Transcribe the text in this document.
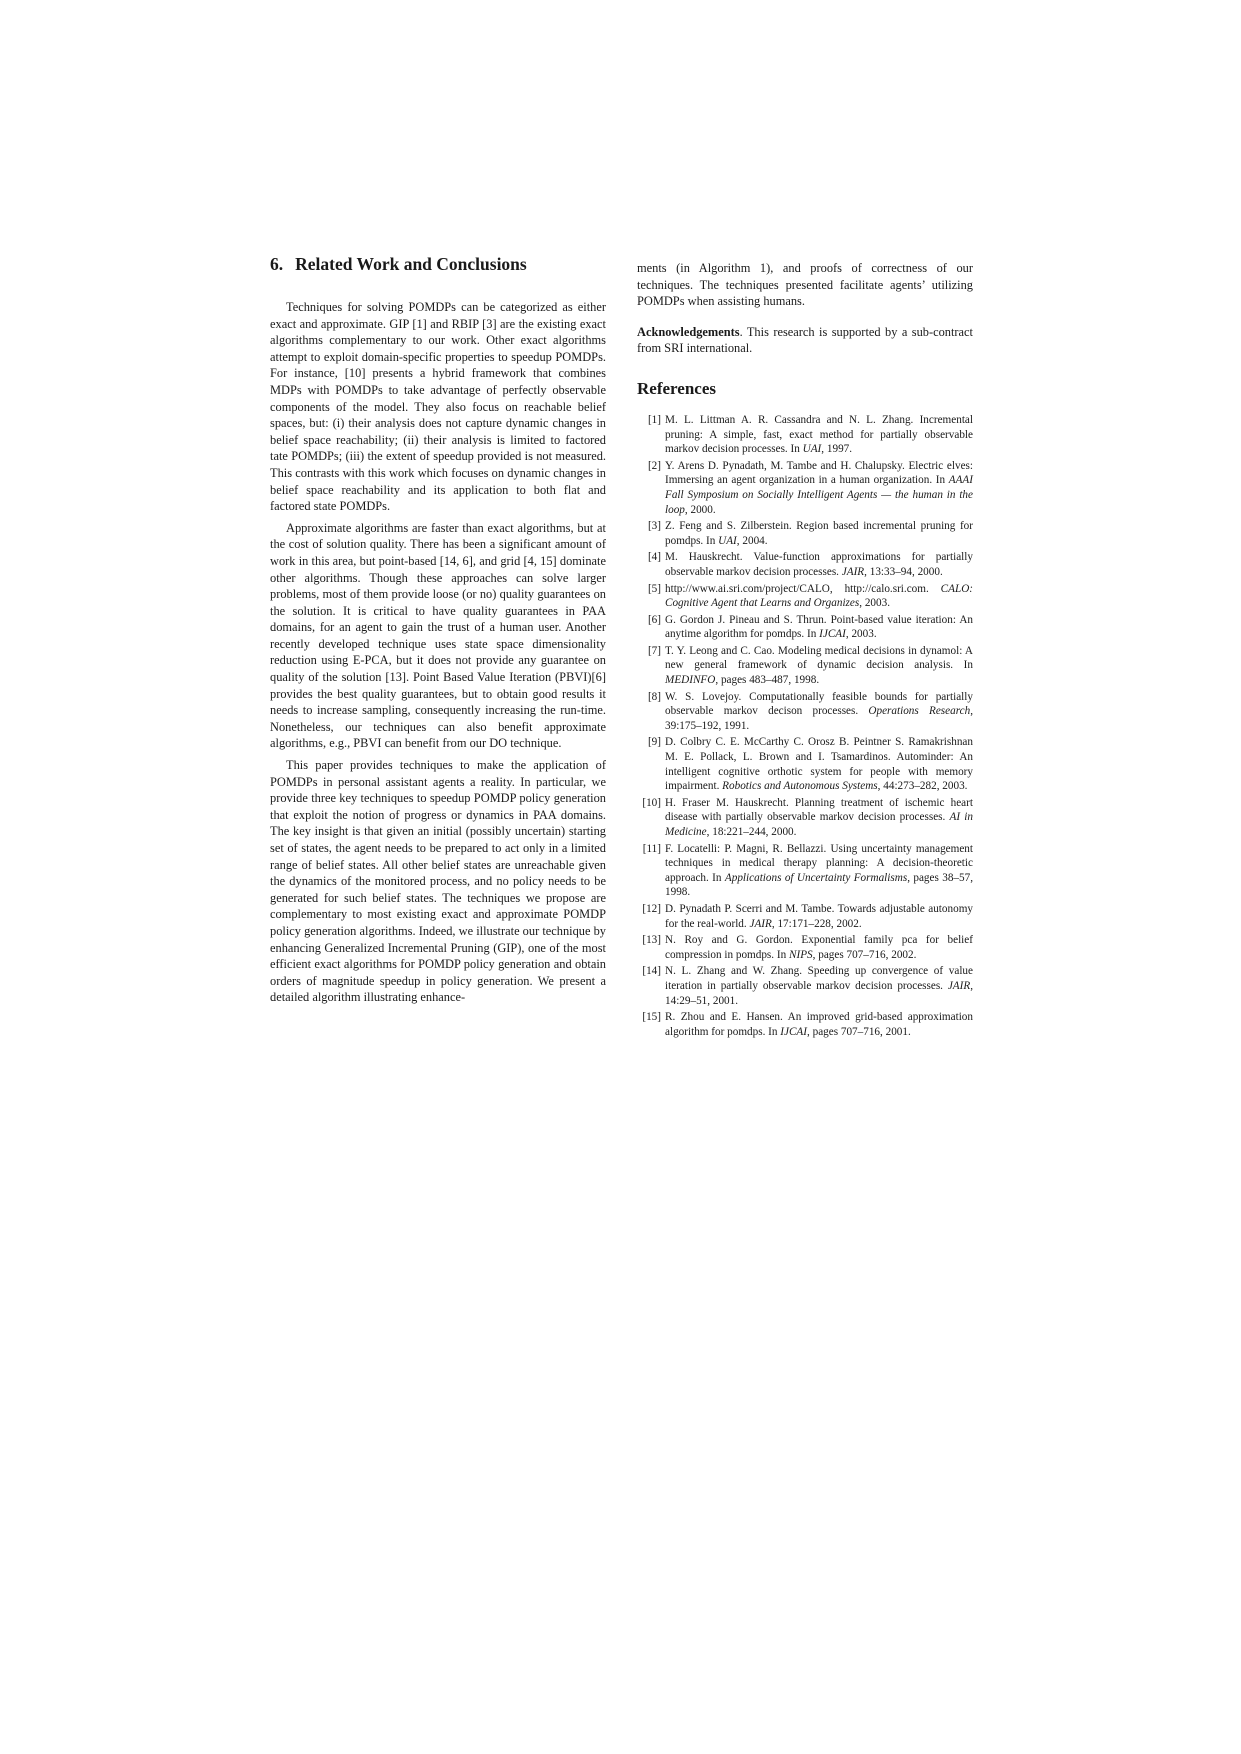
6. Related Work and Conclusions

Techniques for solving POMDPs can be categorized as either exact and approximate. GIP [1] and RBIP [3] are the existing exact algorithms complementary to our work. Other exact algorithms attempt to exploit domain-specific properties to speedup POMDPs. For instance, [10] presents a hybrid framework that combines MDPs with POMDPs to take advantage of perfectly observable components of the model. They also focus on reachable belief spaces, but: (i) their analysis does not capture dynamic changes in belief space reachability; (ii) their analysis is limited to factored tate POMDPs; (iii) the extent of speedup provided is not measured. This contrasts with this work which focuses on dynamic changes in belief space reachability and its application to both flat and factored state POMDPs.

Approximate algorithms are faster than exact algorithms, but at the cost of solution quality. There has been a significant amount of work in this area, but point-based [14, 6], and grid [4, 15] dominate other algorithms. Though these approaches can solve larger problems, most of them provide loose (or no) quality guarantees on the solution. It is critical to have quality guarantees in PAA domains, for an agent to gain the trust of a human user. Another recently developed technique uses state space dimensionality reduction using E-PCA, but it does not provide any guarantee on quality of the solution [13]. Point Based Value Iteration (PBVI)[6] provides the best quality guarantees, but to obtain good results it needs to increase sampling, consequently increasing the run-time. Nonetheless, our techniques can also benefit approximate algorithms, e.g., PBVI can benefit from our DO technique.

This paper provides techniques to make the application of POMDPs in personal assistant agents a reality. In particular, we provide three key techniques to speedup POMDP policy generation that exploit the notion of progress or dynamics in PAA domains. The key insight is that given an initial (possibly uncertain) starting set of states, the agent needs to be prepared to act only in a limited range of belief states. All other belief states are unreachable given the dynamics of the monitored process, and no policy needs to be generated for such belief states. The techniques we propose are complementary to most existing exact and approximate POMDP policy generation algorithms. Indeed, we illustrate our technique by enhancing Generalized Incremental Pruning (GIP), one of the most efficient exact algorithms for POMDP policy generation and obtain orders of magnitude speedup in policy generation. We present a detailed algorithm illustrating enhance-

ments (in Algorithm 1), and proofs of correctness of our techniques. The techniques presented facilitate agents’ utilizing POMDPs when assisting humans.

Acknowledgements. This research is supported by a sub-contract from SRI international.

References
[1] M. L. Littman A. R. Cassandra and N. L. Zhang. Incremental pruning: A simple, fast, exact method for partially observable markov decision processes. In UAI, 1997.
[2] Y. Arens D. Pynadath, M. Tambe and H. Chalupsky. Electric elves: Immersing an agent organization in a human organization. In AAAI Fall Symposium on Socially Intelligent Agents — the human in the loop, 2000.
[3] Z. Feng and S. Zilberstein. Region based incremental pruning for pomdps. In UAI, 2004.
[4] M. Hauskrecht. Value-function approximations for partially observable markov decision processes. JAIR, 13:33–94, 2000.
[5] http://www.ai.sri.com/project/CALO, http://calo.sri.com. CALO: Cognitive Agent that Learns and Organizes, 2003.
[6] G. Gordon J. Pineau and S. Thrun. Point-based value iteration: An anytime algorithm for pomdps. In IJCAI, 2003.
[7] T. Y. Leong and C. Cao. Modeling medical decisions in dynamol: A new general framework of dynamic decision analysis. In MEDINFO, pages 483–487, 1998.
[8] W. S. Lovejoy. Computationally feasible bounds for partially observable markov decison processes. Operations Research, 39:175–192, 1991.
[9] D. Colbry C. E. McCarthy C. Orosz B. Peintner S. Ramakrishnan M. E. Pollack, L. Brown and I. Tsamardinos. Autominder: An intelligent cognitive orthotic system for people with memory impairment. Robotics and Autonomous Systems, 44:273–282, 2003.
[10] H. Fraser M. Hauskrecht. Planning treatment of ischemic heart disease with partially observable markov decision processes. AI in Medicine, 18:221–244, 2000.
[11] F. Locatelli: P. Magni, R. Bellazzi. Using uncertainty management techniques in medical therapy planning: A decision-theoretic approach. In Applications of Uncertainty Formalisms, pages 38–57, 1998.
[12] D. Pynadath P. Scerri and M. Tambe. Towards adjustable autonomy for the real-world. JAIR, 17:171–228, 2002.
[13] N. Roy and G. Gordon. Exponential family pca for belief compression in pomdps. In NIPS, pages 707–716, 2002.
[14] N. L. Zhang and W. Zhang. Speeding up convergence of value iteration in partially observable markov decision processes. JAIR, 14:29–51, 2001.
[15] R. Zhou and E. Hansen. An improved grid-based approximation algorithm for pomdps. In IJCAI, pages 707–716, 2001.
